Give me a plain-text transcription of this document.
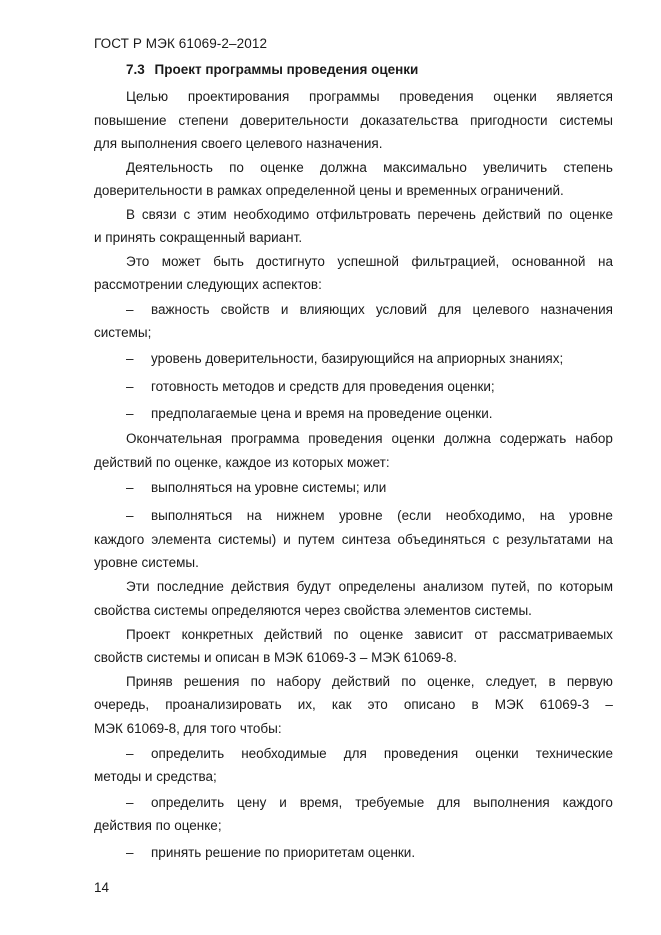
ГОСТ Р МЭК 61069-2–2012
7.3 Проект программы проведения оценки
Целью проектирования программы проведения оценки является
повышение степени доверительности доказательства пригодности системы
для выполнения своего целевого назначения.
Деятельность по оценке должна максимально увеличить степень
доверительности в рамках определенной цены и временных ограничений.
В связи с этим необходимо отфильтровать перечень действий по оценке
и принять сокращенный вариант.
Это может быть достигнуто успешной фильтрацией, основанной на
рассмотрении следующих аспектов:
–	важность свойств и влияющих условий для целевого назначения
системы;
– уровень доверительности, базирующийся на априорных знаниях;
– готовность методов и средств для проведения оценки;
– предполагаемые цена и время на проведение оценки.
Окончательная программа проведения оценки должна содержать набор
действий по оценке, каждое из которых может:
– выполняться на уровне системы; или
–	выполняться на нижнем уровне (если необходимо, на уровне
каждого элемента системы) и путем синтеза объединяться с результатами на
уровне системы.
Эти последние действия будут определены анализом путей, по которым
свойства системы определяются через свойства элементов системы.
Проект конкретных действий по оценке зависит от рассматриваемых
свойств системы и описан в МЭК 61069-3 – МЭК 61069-8.
Приняв решения по набору действий по оценке, следует, в первую
очередь, проанализировать их, как это описано в МЭК 61069-3 –
МЭК 61069-8, для того чтобы:
–	определить необходимые для проведения оценки технические
методы и средства;
–	определить цену и время, требуемые для выполнения каждого
действия по оценке;
– принять решение по приоритетам оценки.
14
